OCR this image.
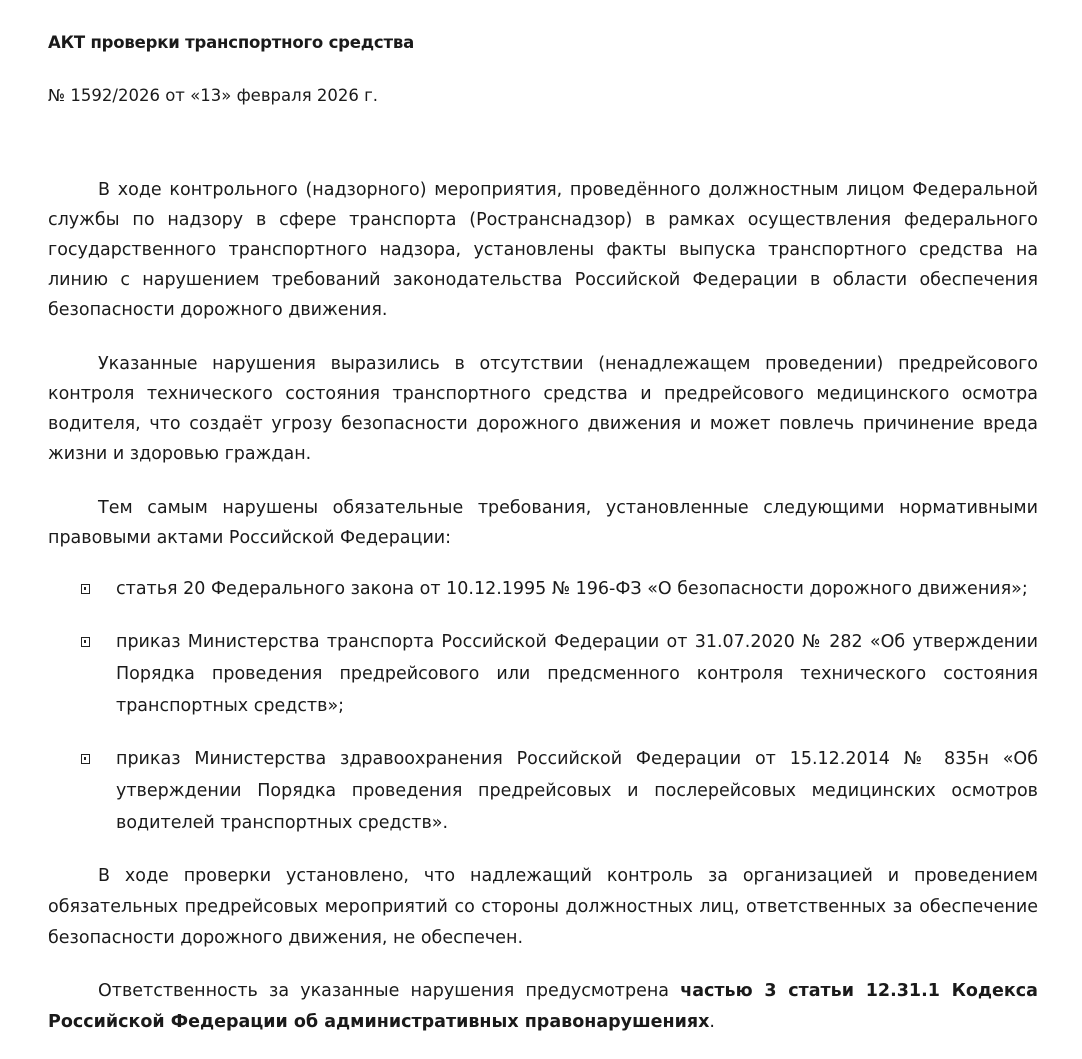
АКТ проверки транспортного средства
№ 1592/2026 от «13» февраля 2026 г.

В ходе контрольного (надзорного) мероприятия, проведённого должностным лицом Федеральной службы по надзору в сфере транспорта (Ространснадзор) в рамках осуществления федерального государственного транспортного надзора, установлены факты выпуска транспортного средства на линию с нарушением требований законодательства Российской Федерации в области обеспечения безопасности дорожного движения.

Указанные нарушения выразились в отсутствии (ненадлежащем проведении) предрейсового контроля технического состояния транспортного средства и предрейсового медицинского осмотра водителя, что создаёт угрозу безопасности дорожного движения и может повлечь причинение вреда жизни и здоровью граждан.

Тем самым нарушены обязательные требования, установленные следующими нормативными правовыми актами Российской Федерации:

статья 20 Федерального закона от 10.12.1995 № 196-ФЗ «О безопасности дорожного движения»;
приказ Министерства транспорта Российской Федерации от 31.07.2020 № 282 «Об утверждении Порядка проведения предрейсового или предсменного контроля технического состояния транспортных средств»;
приказ Министерства здравоохранения Российской Федерации от 15.12.2014 № 835н «Об утверждении Порядка проведения предрейсовых и послерейсовых медицинских осмотров водителей транспортных средств».

В ходе проверки установлено, что надлежащий контроль за организацией и проведением обязательных предрейсовых мероприятий со стороны должностных лиц, ответственных за обеспечение безопасности дорожного движения, не обеспечен.

Ответственность за указанные нарушения предусмотрена частью 3 статьи 12.31.1 Кодекса Российской Федерации об административных правонарушениях.
